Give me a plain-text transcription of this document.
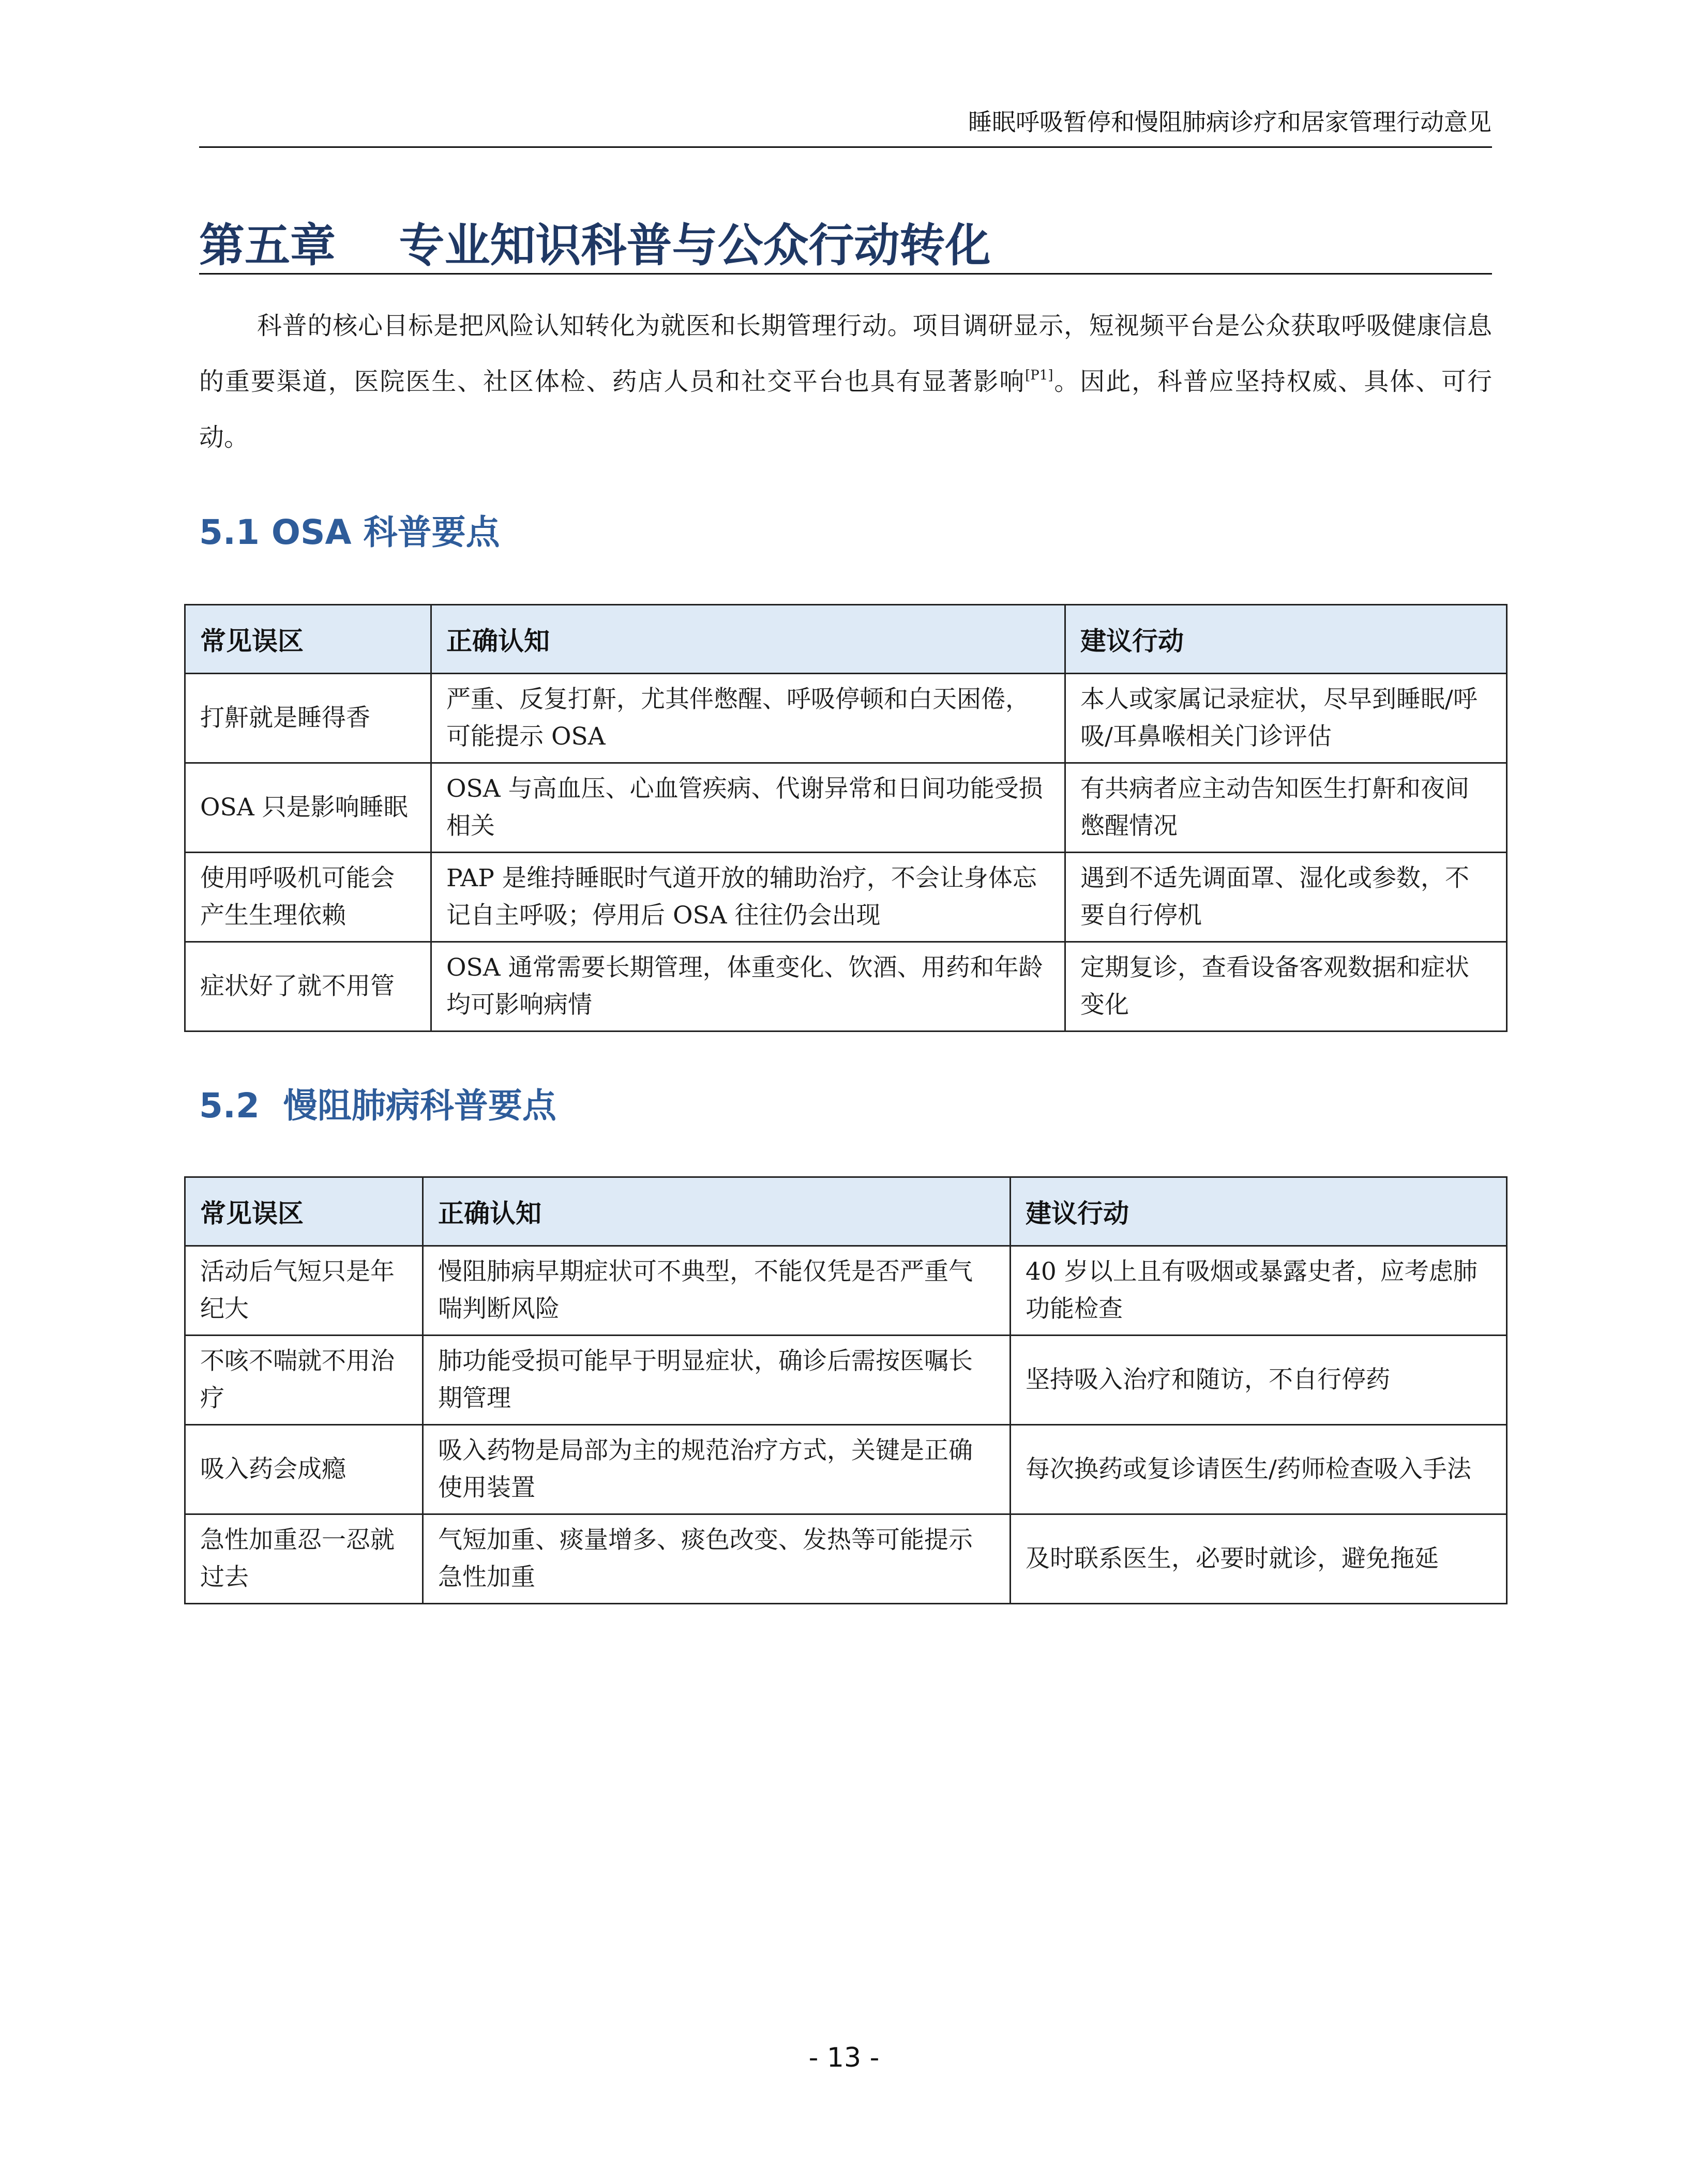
睡眠呼吸暂停和慢阻肺病诊疗和居家管理行动意见
第五章    专业知识科普与公众行动转化

科普的核心目标是把风险认知转化为就医和长期管理行动。项目调研显示，短视频平台是公众获取呼吸健康信息的重要渠道，医院医生、社区体检、药店人员和社交平台也具有显著影响[P1]。因此，科普应坚持权威、具体、可行动。

5.1 OSA 科普要点
常见误区	正确认知	建议行动
打鼾就是睡得香	严重、反复打鼾，尤其伴憋醒、呼吸停顿和白天困倦，可能提示 OSA	本人或家属记录症状，尽早到睡眠/呼吸/耳鼻喉相关门诊评估
OSA 只是影响睡眠	OSA 与高血压、心血管疾病、代谢异常和日间功能受损相关	有共病者应主动告知医生打鼾和夜间憋醒情况
使用呼吸机可能会产生生理依赖	PAP 是维持睡眠时气道开放的辅助治疗，不会让身体忘记自主呼吸；停用后 OSA 往往仍会出现	遇到不适先调面罩、湿化或参数，不要自行停机
症状好了就不用管	OSA 通常需要长期管理，体重变化、饮酒、用药和年龄均可影响病情	定期复诊，查看设备客观数据和症状变化
5.2  慢阻肺病科普要点
常见误区	正确认知	建议行动
活动后气短只是年纪大	慢阻肺病早期症状可不典型，不能仅凭是否严重气喘判断风险	40 岁以上且有吸烟或暴露史者，应考虑肺功能检查
不咳不喘就不用治疗	肺功能受损可能早于明显症状，确诊后需按医嘱长期管理	坚持吸入治疗和随访，不自行停药
吸入药会成瘾	吸入药物是局部为主的规范治疗方式，关键是正确使用装置	每次换药或复诊请医生/药师检查吸入手法
急性加重忍一忍就过去	气短加重、痰量增多、痰色改变、发热等可能提示急性加重	及时联系医生，必要时就诊，避免拖延
- 13 -
